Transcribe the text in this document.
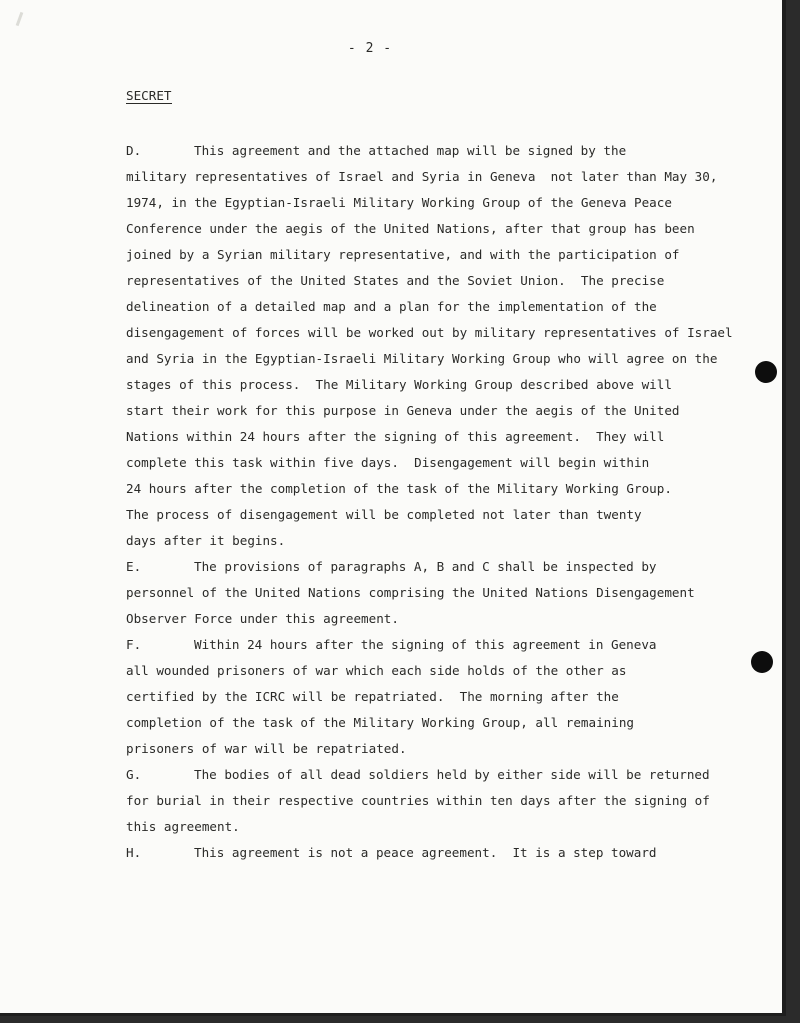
- 2 -
SECRET
D.	This agreement and the attached map will be signed by the
military representatives of Israel and Syria in Geneva  not later than May 30,
1974, in the Egyptian-Israeli Military Working Group of the Geneva Peace
Conference under the aegis of the United Nations, after that group has been
joined by a Syrian military representative, and with the participation of
representatives of the United States and the Soviet Union.  The precise
delineation of a detailed map and a plan for the implementation of the
disengagement of forces will be worked out by military representatives of Israel
and Syria in the Egyptian-Israeli Military Working Group who will agree on the
stages of this process.  The Military Working Group described above will
start their work for this purpose in Geneva under the aegis of the United
Nations within 24 hours after the signing of this agreement.  They will
complete this task within five days.  Disengagement will begin within
24 hours after the completion of the task of the Military Working Group.
The process of disengagement will be completed not later than twenty
days after it begins.
E.	The provisions of paragraphs A, B and C shall be inspected by
personnel of the United Nations comprising the United Nations Disengagement
Observer Force under this agreement.
F.	Within 24 hours after the signing of this agreement in Geneva
all wounded prisoners of war which each side holds of the other as
certified by the ICRC will be repatriated.  The morning after the
completion of the task of the Military Working Group, all remaining
prisoners of war will be repatriated.
G.	The bodies of all dead soldiers held by either side will be returned
for burial in their respective countries within ten days after the signing of
this agreement.
H.	This agreement is not a peace agreement.  It is a step toward
